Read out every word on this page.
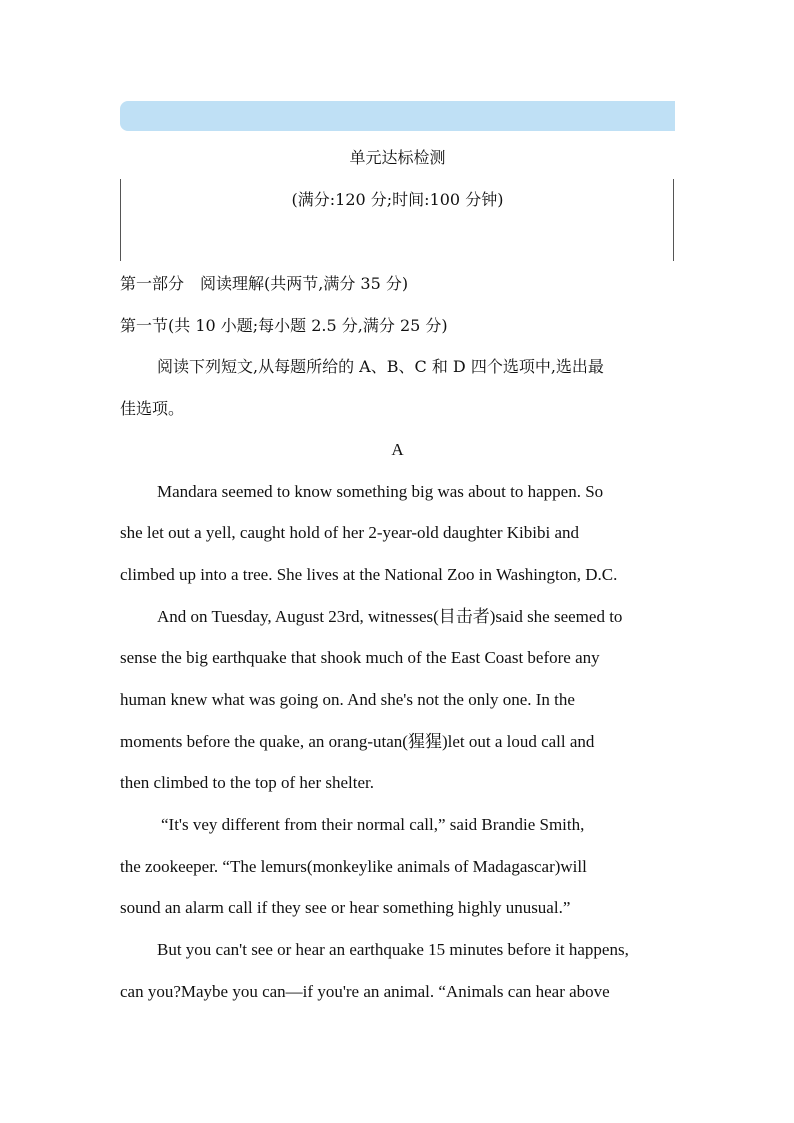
单元达标检测
(满分:120 分;时间:100 分钟)
第一部分　阅读理解(共两节,满分 35 分)
第一节(共 10 小题;每小题 2.5 分,满分 25 分)
阅读下列短文,从每题所给的 A、B、C 和 D 四个选项中,选出最
佳选项。
A
Mandara seemed to know something big was about to happen. So
she let out a yell, caught hold of her 2-year-old daughter Kibibi and
climbed up into a tree. She lives at the National Zoo in Washington, D.C.
And on Tuesday, August 23rd, witnesses(目击者)said she seemed to
sense the big earthquake that shook much of the East Coast before any
human knew what was going on. And she's not the only one. In the
moments before the quake, an orang-utan(猩猩)let out a loud call and
then climbed to the top of her shelter.
“It's vey different from their normal call,” said Brandie Smith,
the zookeeper. “The lemurs(monkeylike animals of Madagascar)will
sound an alarm call if they see or hear something highly unusual.”
But you can't see or hear an earthquake 15 minutes before it happens,
can you?Maybe you can—if you're an animal. “Animals can hear above
